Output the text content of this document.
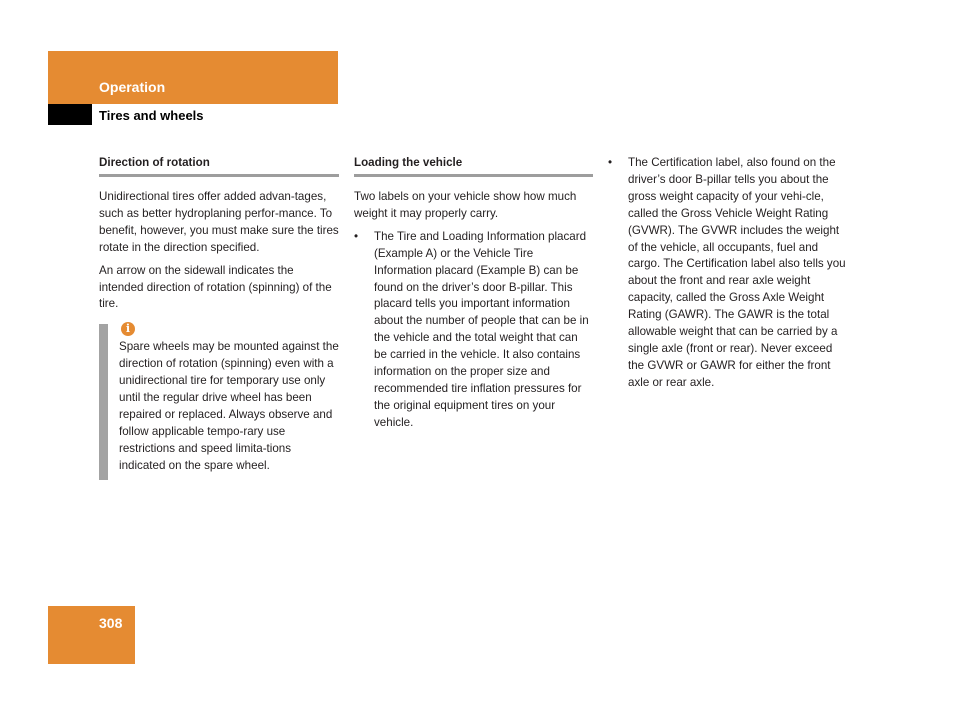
Operation
Tires and wheels
Direction of rotation

Unidirectional tires offer added advan-tages, such as better hydroplaning perfor-mance. To benefit, however, you must make sure the tires rotate in the direction specified.

An arrow on the sidewall indicates the intended direction of rotation (spinning) of the tire.

i
Spare wheels may be mounted against the direction of rotation (spinning) even with a unidirectional tire for temporary use only until the regular drive wheel has been repaired or replaced. Always observe and follow applicable tempo-rary use restrictions and speed limita-tions indicated on the spare wheel.
Loading the vehicle

Two labels on your vehicle show how much weight it may properly carry.

• The Tire and Loading Information placard (Example A) or the Vehicle Tire Information placard (Example B) can be found on the driver’s door B-pillar. This placard tells you important information about the number of people that can be in the vehicle and the total weight that can be carried in the vehicle. It also contains information on the proper size and recommended tire inflation pressures for the original equipment tires on your vehicle.
• The Certification label, also found on the driver’s door B-pillar tells you about the gross weight capacity of your vehi-cle, called the Gross Vehicle Weight Rating (GVWR). The GVWR includes the weight of the vehicle, all occupants, fuel and cargo. The Certification label also tells you about the front and rear axle weight capacity, called the Gross Axle Weight Rating (GAWR). The GAWR is the total allowable weight that can be carried by a single axle (front or rear). Never exceed the GVWR or GAWR for either the front axle or rear axle.
308
